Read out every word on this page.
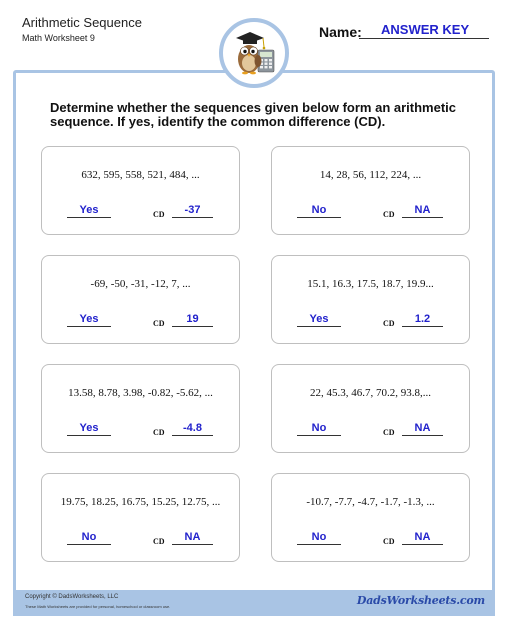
Arithmetic Sequence
Math Worksheet 9	Name: ANSWER KEY
Determine whether the sequences given below form an arithmetic sequence. If yes, identify the common difference (CD).
632, 595, 558, 521, 484, ...
Yes	CD	-37
14, 28, 56, 112, 224, ...
No	CD	NA
-69, -50, -31, -12, 7, ...
Yes	CD	19
15.1, 16.3, 17.5, 18.7, 19.9...
Yes	CD	1.2
13.58, 8.78, 3.98, -0.82, -5.62, ...
Yes	CD	-4.8
22, 45.3, 46.7, 70.2, 93.8,...
No	CD	NA
19.75, 18.25, 16.75, 15.25, 12.75, ...
No	CD	NA
-10.7, -7.7, -4.7, -1.7, -1.3, ...
No	CD	NA
Copyright © DadsWorksheets, LLC
These Math Worksheets are provided for personal, homeschool or classroom use.	DadsWorksheets.com
